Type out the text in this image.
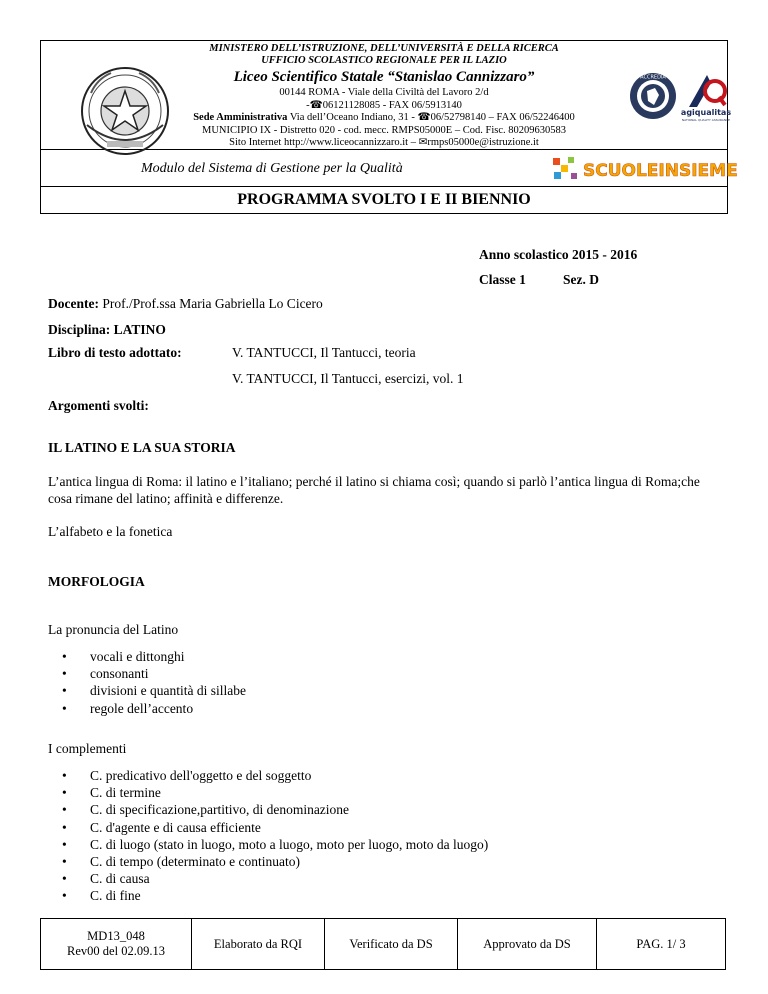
MINISTERO DELL’ISTRUZIONE, DELL’UNIVERSITÀ E DELLA RICERCA
UFFICIO SCOLASTICO REGIONALE PER IL LAZIO
Liceo Scientifico Statale “Stanislao Cannizzaro”
00144 ROMA - Viale della Civiltà del Lavoro 2/d
-☎06121128085 - FAX 06/5913140
Sede Amministrativa Via dell’Oceano Indiano, 31 - ☎06/52798140 – FAX 06/52246400
MUNICIPIO IX - Distretto 020 - cod. mecc. RMPS05000E – Cod. Fisc. 80209630583
Sito Internet http://www.liceocannizzaro.it – ✉rmps05000e@istruzione.it
ACCREDIA
agiqualitas
NATIONAL QUALITY ASSURANCE
Modulo del Sistema di Gestione per la Qualità	SCUOLEINSIEME
PROGRAMMA SVOLTO I E II BIENNIO
Anno scolastico 2015 - 2016
Classe 1	Sez. D
Docente: Prof./Prof.ssa Maria Gabriella Lo Cicero
Disciplina: LATINO
Libro di testo adottato:	V. TANTUCCI, Il Tantucci, teoria
V. TANTUCCI, Il Tantucci, esercizi, vol. 1
Argomenti svolti:
IL LATINO E LA SUA STORIA
L’antica lingua di Roma: il latino e l’italiano; perché il latino si chiama così; quando si parlò l’antica lingua di Roma;che cosa rimane del latino; affinità e differenze.
L’alfabeto e la fonetica
MORFOLOGIA
La pronuncia del Latino
• vocali e dittonghi
• consonanti
• divisioni e quantità di sillabe
• regole dell’accento
I complementi
• C. predicativo dell'oggetto e del soggetto
• C. di termine
• C. di specificazione,partitivo, di denominazione
• C. d'agente e di causa efficiente
• C. di luogo (stato in luogo, moto a luogo, moto per luogo, moto da luogo)
• C. di tempo (determinato e continuato)
• C. di causa
• C. di fine
MD13_048
Rev00 del 02.09.13
	Elaborato da RQI	Verificato da DS	Approvato da DS	PAG. 1/ 3
